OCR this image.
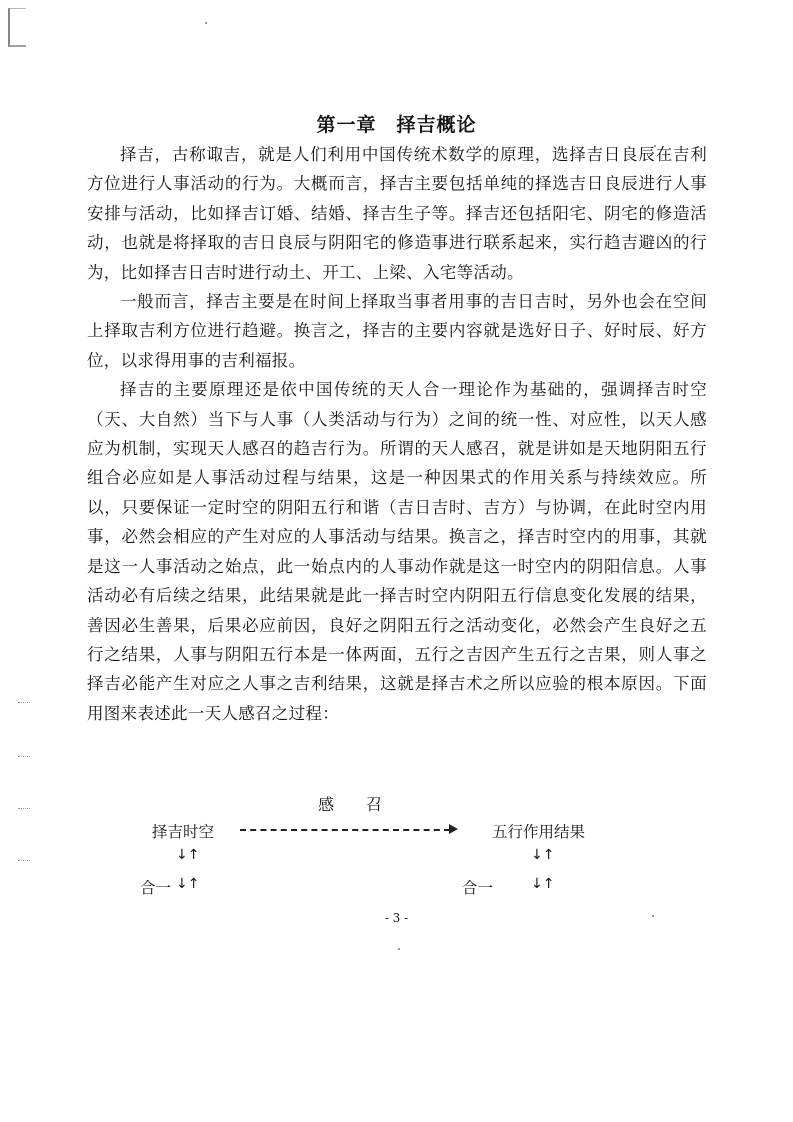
第一章　择吉概论

择吉，古称诹吉，就是人们利用中国传统术数学的原理，选择吉日良辰在吉利方位进行人事活动的行为。大概而言，择吉主要包括单纯的择选吉日良辰进行人事安排与活动，比如择吉订婚、结婚、择吉生子等。择吉还包括阳宅、阴宅的修造活动，也就是将择取的吉日良辰与阴阳宅的修造事进行联系起来，实行趋吉避凶的行为，比如择吉日吉时进行动土、开工、上梁、入宅等活动。

一般而言，择吉主要是在时间上择取当事者用事的吉日吉时，另外也会在空间上择取吉利方位进行趋避。换言之，择吉的主要内容就是选好日子、好时辰、好方位，以求得用事的吉利福报。

择吉的主要原理还是依中国传统的天人合一理论作为基础的，强调择吉时空（天、大自然）当下与人事（人类活动与行为）之间的统一性、对应性，以天人感应为机制，实现天人感召的趋吉行为。所谓的天人感召，就是讲如是天地阴阳五行组合必应如是人事活动过程与结果，这是一种因果式的作用关系与持续效应。所以，只要保证一定时空的阴阳五行和谐（吉日吉时、吉方）与协调，在此时空内用事，必然会相应的产生对应的人事活动与结果。换言之，择吉时空内的用事，其就是这一人事活动之始点，此一始点内的人事动作就是这一时空内的阴阳信息。人事活动必有后续之结果，此结果就是此一择吉时空内阴阳五行信息变化发展的结果，善因必生善果，后果必应前因，良好之阴阳五行之活动变化，必然会产生良好之五行之结果，人事与阴阳五行本是一体两面，五行之吉因产生五行之吉果，则人事之择吉必能产生对应之人事之吉利结果，这就是择吉术之所以应验的根本原因。下面用图来表述此一天人感召之过程：

感　　召
择吉时空	五行作用结果
↓↑	↓↑
合一 ↓↑	合一	↓↑
- 3 -
